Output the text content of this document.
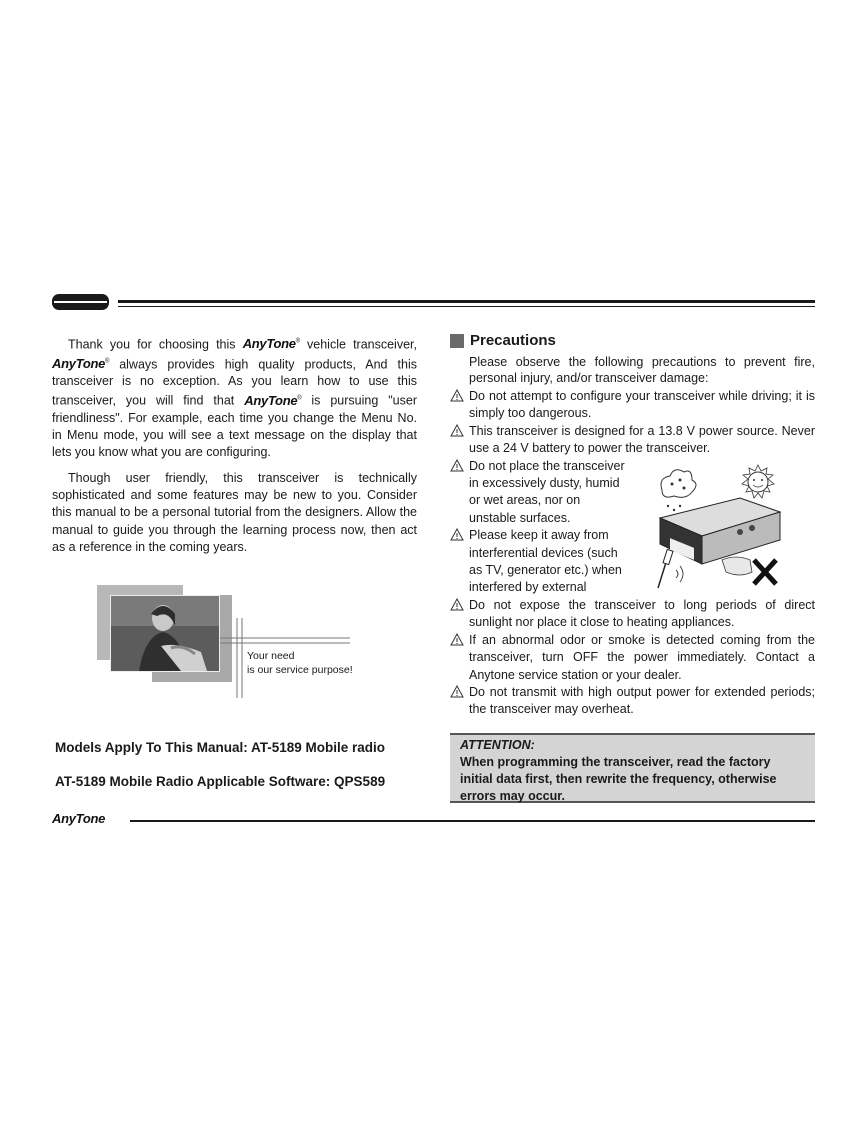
Thank you for choosing this AnyTone® vehicle transceiver, AnyTone® always provides high quality products, And this transceiver is no exception. As you learn how to use this transceiver, you will find that AnyTone® is pursuing "user friendliness". For example, each time you change the Menu No. in Menu mode, you will see a text message on the display that lets you know what you are configuring.

Though user friendly, this transceiver is technically sophisticated and some features may be new to you. Consider this manual to be a personal tutorial from the designers. Allow the manual to guide you through the learning process now, then act as a reference in the coming years.

Your need
is our service purpose!
Models Apply To This Manual: AT-5189 Mobile radio
AT-5189 Mobile Radio Applicable Software: QPS589
AnyTone
Precautions
Please observe the following precautions to prevent fire, personal injury, and/or transceiver damage:
Do not attempt to configure your transceiver while driving; it is simply too dangerous.
This transceiver is designed for a 13.8 V power source. Never use a 24 V battery to power the transceiver.
Do not place the transceiver in excessively dusty, humid or wet areas, nor on unstable surfaces.
Please keep it away from interferential devices (such as TV, generator etc.) when interfered by external
Do not expose the transceiver to long periods of direct sunlight nor place it close to heating appliances.
If an abnormal odor or smoke is detected coming from the transceiver, turn OFF the power immediately. Contact a Anytone service station or your dealer.
Do not transmit with high output power for extended periods; the transceiver may overheat.
ATTENTION:
When programming the transceiver, read the factory initial data first, then rewrite the frequency, otherwise errors may occur.
